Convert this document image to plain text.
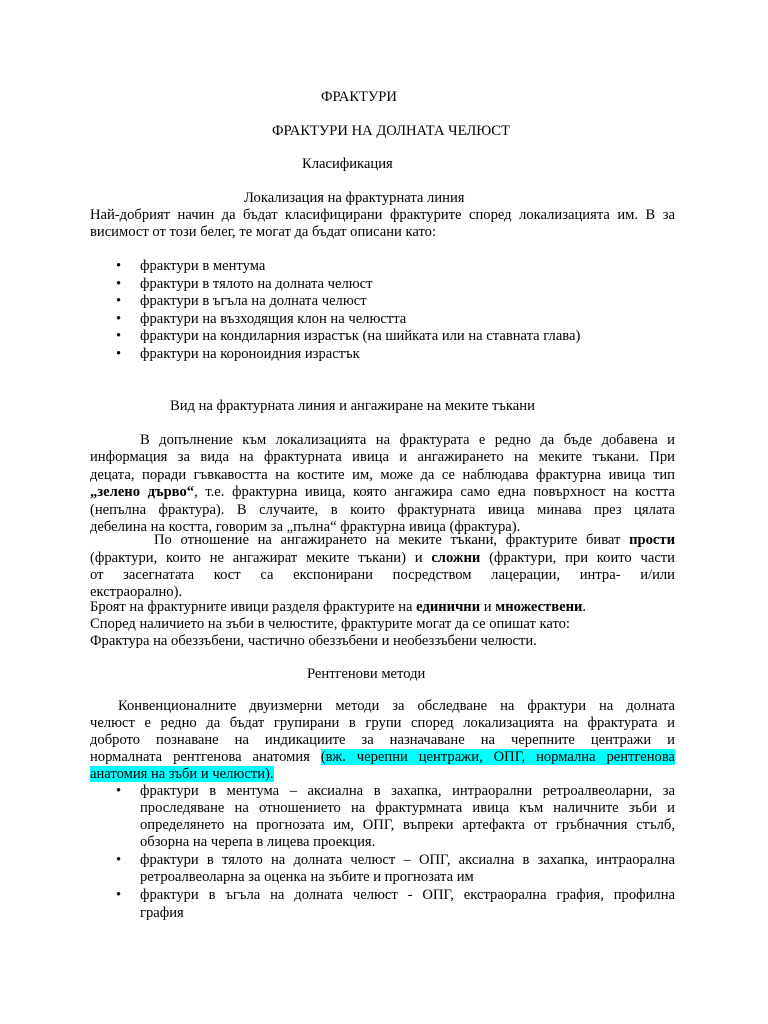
ФРАКТУРИ
ФРАКТУРИ НА ДОЛНАТА ЧЕЛЮСТ
Класификация
Локализация на фрактурната линия
Най-добрият начин да бъдат класифицирани фрактурите според локализацията им. В за
висимост от този белег, те могат да бъдат описани като:
•	фрактури в ментума
•	фрактури в тялото на долната челюст
•	фрактури в ъгъла на долната челюст
•	фрактури на възходящия клон на челюстта
•	фрактури на кондиларния израстък (на шийката или на ставната глава)
•	фрактури на короноидния израстък
Вид на фрактурната линия и ангажиране на меките тъкани
В допълнение към локализацията на фрактурата е редно да бъде добавена и
информация за вида на фрактурната ивица и ангажирането на меките тъкани. При
децата, поради гъвкавостта на костите им, може да се наблюдава фрактурна ивица тип
„зелено дърво“, т.е. фрактурна ивица, която ангажира само една повърхност на костта
(непълна фрактура). В случаите, в които фрактурната ивица минава през цялата
дебелина на костта, говорим за „пълна“ фрактурна ивица (фрактура).
По отношение на ангажирането на меките тъкани, фрактурите биват прости
(фрактури, които не ангажират меките тъкани) и сложни (фрактури, при които части
от засегнатата кост са експонирани посредством лацерации, интра- и/или
екстраорално).
Броят на фрактурните ивици разделя фрактурите на единични и множествени.
Според наличието на зъби в челюстите, фрактурите могат да се опишат като:
Фрактура на обеззъбени, частично обеззъбени и необеззъбени челюсти.
Рентгенови методи
Конвенционалните двуизмерни методи за обследване на фрактури на долната
челюст е редно да бъдат групирани в групи според локализацията на фрактурата и
доброто познаване на индикациите за назначаване на черепните центражи и
нормалната рентгенова анатомия (вж. черепни центражи, ОПГ, нормална рентгенова
анатомия на зъби и челюсти).
•	фрактури в ментума – аксиална в захапка, интраорални ретроалвеоларни, за
проследяване на отношението на фрактурмната ивица към наличните зъби и
определянето на прогнозата им, ОПГ, въпреки артефакта от гръбначния стълб,
обзорна на черепа в лицева проекция.
•	фрактури в тялото на долната челюст – ОПГ, аксиална в захапка, интраорална
ретроалвеоларна за оценка на зъбите и прогнозата им
•	фрактури в ъгъла на долната челюст - ОПГ, екстраорална графия, профилна
графия
